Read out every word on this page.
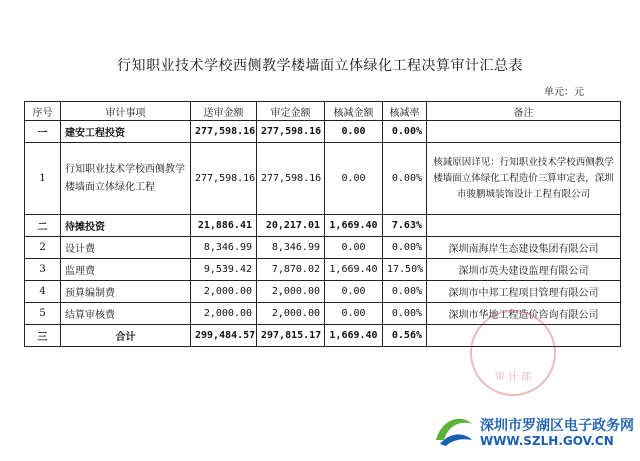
行知职业技术学校西侧教学楼墙面立体绿化工程决算审计汇总表
单元：元
序号	审计事项	送审金额	审定金额	核减金额	核减率	备注
一	建安工程投资	277,598.16	277,598.16	0.00	0.00%	
1	行知职业技术学校西侧教学楼墙面立体绿化工程	277,598.16	277,598.16	0.00	0.00%	核减原因详见：行知职业技术学校西侧教学楼墙面立体绿化工程造价三算审定表，深圳市骏鹏城装饰设计工程有限公司
二	待摊投资	21,886.41	20,217.01	1,669.40	7.63%	
2	设计费	8,346.99	8,346.99	0.00	0.00%	深圳南海岸生态建设集团有限公司
3	监理费	9,539.42	7,870.02	1,669.40	17.50%	深圳市英夫建设监理有限公司
4	预算编制费	2,000.00	2,000.00	0.00	0.00%	深圳市中邦工程项目管理有限公司
5	结算审核费	2,000.00	2,000.00	0.00	0.00%	深圳市华地工程造价咨询有限公司
三	合计	299,484.57	297,815.17	1,669.40	0.56%	
审 计 部
深圳市罗湖区电子政务网
WWW.SZLH.GOV.CN
